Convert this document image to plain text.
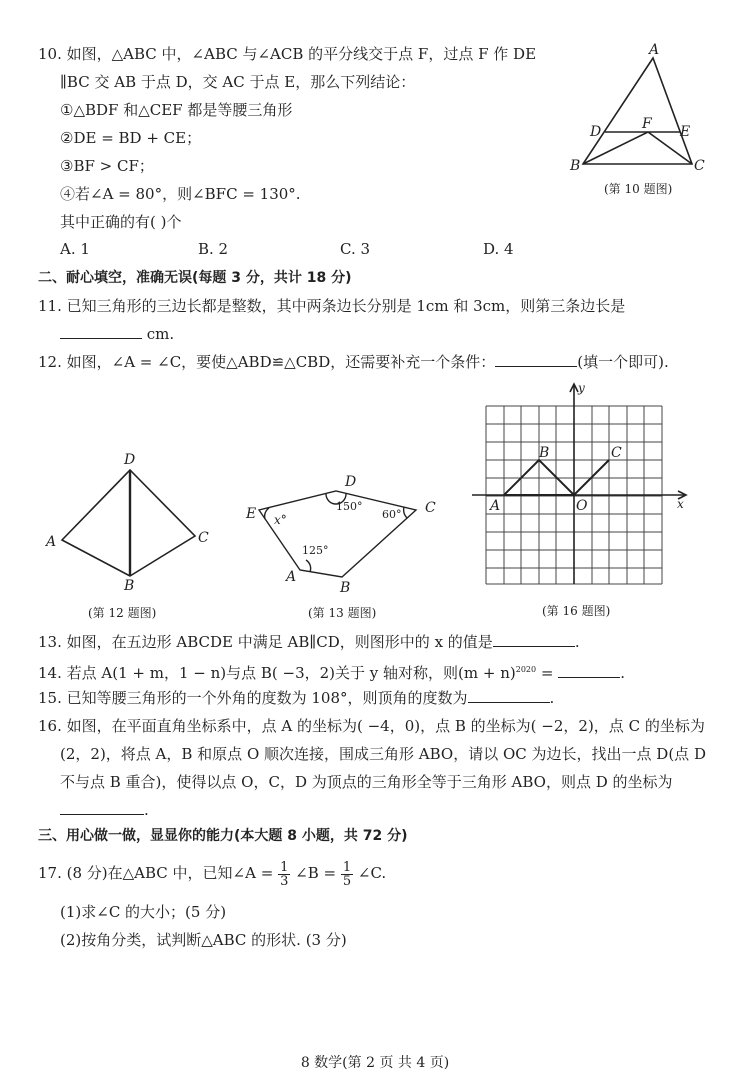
10. 如图，△ABC 中，∠ABC 与∠ACB 的平分线交于点 F，过点 F 作 DE
∥BC 交 AB 于点 D，交 AC 于点 E，那么下列结论：
①△BDF 和△CEF 都是等腰三角形
②DE = BD + CE；
③BF > CF；
④若∠A = 80°，则∠BFC = 130°.
其中正确的有( )个
A. 1	B. 2	C. 3	D. 4
A
B	C
D	E
F
(第 10 题图)
二、耐心填空，准确无误(每题 3 分，共计 18 分)
11. 已知三角形的三边长都是整数，其中两条边长分别是 1cm 和 3cm，则第三条边长是
cm.
12. 如图，∠A = ∠C，要使△ABD≌△CBD，还需要补充一个条件：	(填一个即可).
D
A	C
B
(第 12 题图)
E
D
C
B
A
x°
150°
60°
125°
(第 13 题图)
y
x
A
B	C
O
(第 16 题图)
13. 如图，在五边形 ABCDE 中满足 AB∥CD，则图形中的 x 的值是	.
14. 若点 A(1 + m，1 − n)与点 B( −3，2)关于 y 轴对称，则$(m + n)^{2020}$ =	.
15. 已知等腰三角形的一个外角的度数为 108°，则顶角的度数为	.
16. 如图，在平面直角坐标系中，点 A 的坐标为( −4，0)，点 B 的坐标为( −2，2)，点 C 的坐标为
(2，2)，将点 A，B 和原点 O 顺次连接，围成三角形 ABO，请以 OC 为边长，找出一点 D(点 D
不与点 B 重合)，使得以点 O，C，D 为顶点的三角形全等于三角形 ABO，则点 D 的坐标为
.
三、用心做一做，显显你的能力(本大题 8 小题，共 72 分)
17. (8 分)在△ABC 中，已知∠A = $\frac{1}{3}$ ∠B = $\frac{1}{5}$ ∠C.
(1)求∠C 的大小；(5 分)
(2)按角分类，试判断△ABC 的形状. (3 分)
8 数学(第 2 页 共 4 页)
